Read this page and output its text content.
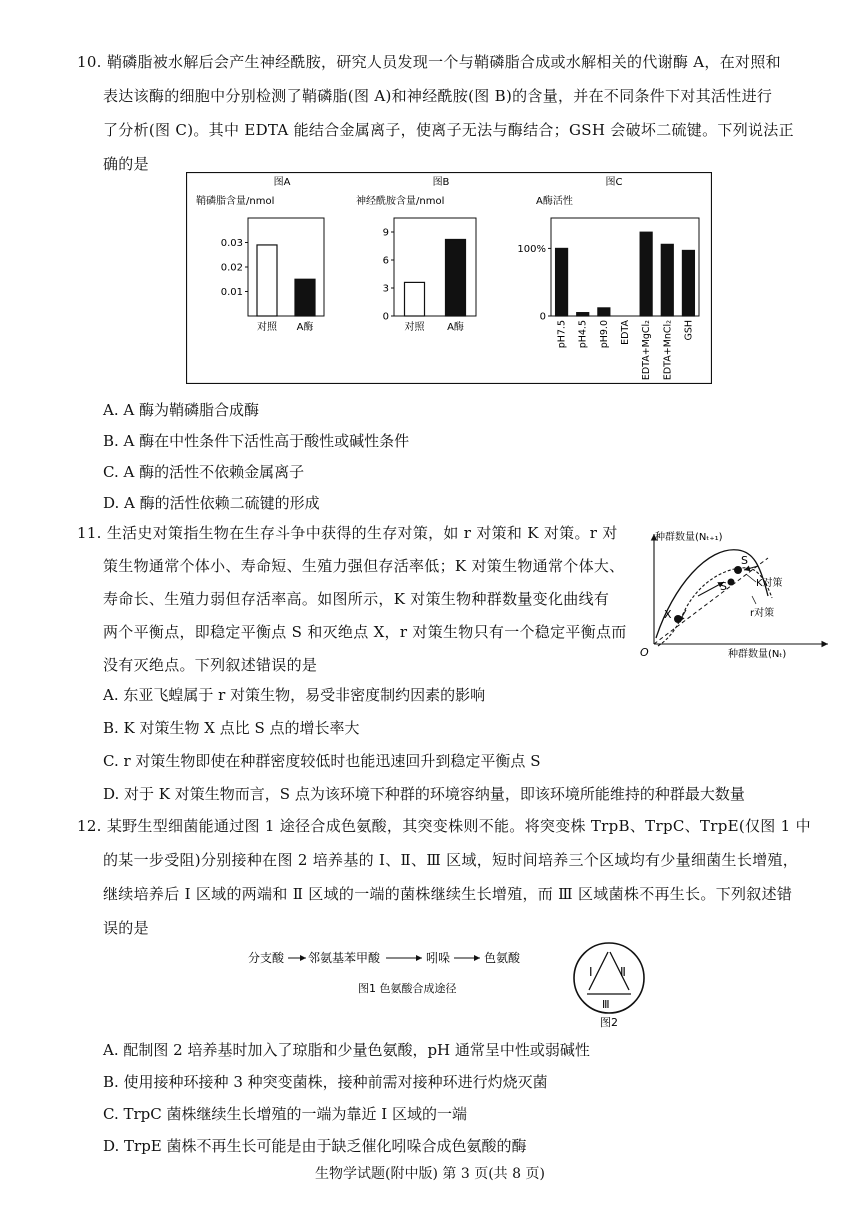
10. 鞘磷脂被水解后会产生神经酰胺，研究人员发现一个与鞘磷脂合成或水解相关的代谢酶 A，在对照和
表达该酶的细胞中分别检测了鞘磷脂(图 A)和神经酰胺(图 B)的含量，并在不同条件下对其活性进行
了分析(图 C)。其中 EDTA 能结合金属离子，使离子无法与酶结合；GSH 会破坏二硫键。下列说法正
确的是
图A
鞘磷脂含量/nmol
0.03
0.02
0.01
对照 A酶
图B
神经酰胺含量/nmol
9
6
3
0
对照 A酶
图C
A酶活性
100%
0
pH7.5 pH4.5 pH9.0 EDTA EDTA+MgCl₂ EDTA+MnCl₂ GSH
A. A 酶为鞘磷脂合成酶
B. A 酶在中性条件下活性高于酸性或碱性条件
C. A 酶的活性不依赖金属离子
D. A 酶的活性依赖二硫键的形成
11. 生活史对策指生物在生存斗争中获得的生存对策，如 r 对策和 K 对策。r 对
策生物通常个体小、寿命短、生殖力强但存活率低；K 对策生物通常个体大、
寿命长、生殖力弱但存活率高。如图所示，K 对策生物种群数量变化曲线有
两个平衡点，即稳定平衡点 S 和灭绝点 X，r 对策生物只有一个稳定平衡点而
没有灭绝点。下列叙述错误的是
种群数量(Nₜ₊₁)
种群数量(Nₜ)
O
S
S
X
K对策
r对策
A. 东亚飞蝗属于 r 对策生物，易受非密度制约因素的影响
B. K 对策生物 X 点比 S 点的增长率大
C. r 对策生物即使在种群密度较低时也能迅速回升到稳定平衡点 S
D. 对于 K 对策生物而言，S 点为该环境下种群的环境容纳量，即该环境所能维持的种群最大数量
12. 某野生型细菌能通过图 1 途径合成色氨酸，其突变株则不能。将突变株 TrpB、TrpC、TrpE(仅图 1 中
的某一步受阻)分别接种在图 2 培养基的 Ⅰ、Ⅱ、Ⅲ 区域，短时间培养三个区域均有少量细菌生长增殖，
继续培养后 Ⅰ 区域的两端和 Ⅱ 区域的一端的菌株继续生长增殖，而 Ⅲ 区域菌株不再生长。下列叙述错
误的是
分支酸 邻氨基苯甲酸	吲哚	色氨酸
图1 色氨酸合成途径
Ⅰ Ⅱ
Ⅲ
图2
A. 配制图 2 培养基时加入了琼脂和少量色氨酸，pH 通常呈中性或弱碱性
B. 使用接种环接种 3 种突变菌株，接种前需对接种环进行灼烧灭菌
C. TrpC 菌株继续生长增殖的一端为靠近 Ⅰ 区域的一端
D. TrpE 菌株不再生长可能是由于缺乏催化吲哚合成色氨酸的酶
生物学试题(附中版) 第 3 页(共 8 页)
